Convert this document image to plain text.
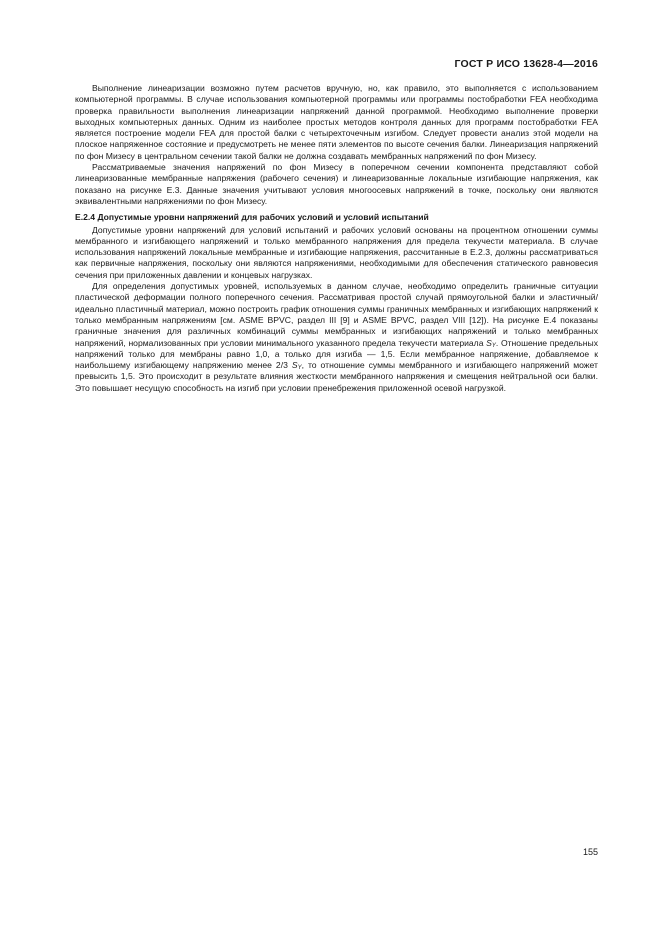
ГОСТ Р ИСО 13628-4—2016

Выполнение линеаризации возможно путем расчетов вручную, но, как правило, это выполняется с использованием компьютерной программы. В случае использования компьютерной программы или программы постобработки FEA необходима проверка правильности выполнения линеаризации напряжений данной программой. Необходимо выполнение проверки выходных компьютерных данных. Одним из наиболее простых методов контроля данных для программ постобработки FEA является построение модели FEA для простой балки с четырехточечным изгибом. Следует провести анализ этой модели на плоское напряженное состояние и предусмотреть не менее пяти элементов по высоте сечения балки. Линеаризация напряжений по фон Мизесу в центральном сечении такой балки не должна создавать мембранных напряжений по фон Мизесу.

Рассматриваемые значения напряжений по фон Мизесу в поперечном сечении компонента представляют собой линеаризованные мембранные напряжения (рабочего сечения) и линеаризованные локальные изгибающие напряжения, как показано на рисунке Е.3. Данные значения учитывают условия многоосевых напряжений в точке, поскольку они являются эквивалентными напряжениями по фон Мизесу.

Е.2.4 Допустимые уровни напряжений для рабочих условий и условий испытаний

Допустимые уровни напряжений для условий испытаний и рабочих условий основаны на процентном отношении суммы мембранного и изгибающего напряжений и только мембранного напряжения для предела текучести материала. В случае использования напряжений локальные мембранные и изгибающие напряжения, рассчитанные в Е.2.3, должны рассматриваться как первичные напряжения, поскольку они являются напряжениями, необходимыми для обеспечения статического равновесия сечения при приложенных давлении и концевых нагрузках.

Для определения допустимых уровней, используемых в данном случае, необходимо определить граничные ситуации пластической деформации полного поперечного сечения. Рассматривая простой случай прямоугольной балки и эластичный/идеально пластичный материал, можно построить график отношения суммы граничных мембранных и изгибающих напряжений к только мембранным напряжениям [см. ASME BPVC, раздел III [9] и ASME BPVC, раздел VIII [12]). На рисунке Е.4 показаны граничные значения для различных комбинаций суммы мембранных и изгибающих напряжений и только мембранных напряжений, нормализованных при условии минимального указанного предела текучести материала $S_Y$. Отношение предельных напряжений только для мембраны равно 1,0, а только для изгиба — 1,5. Если мембранное напряжение, добавляемое к наибольшему изгибающему напряжению менее 2/3 $S_Y$, то отношение суммы мембранного и изгибающего напряжений может превысить 1,5. Это происходит в результате влияния жесткости мембранного напряжения и смещения нейтральной оси балки. Это повышает несущую способность на изгиб при условии пренебрежения приложенной осевой нагрузкой.

155
